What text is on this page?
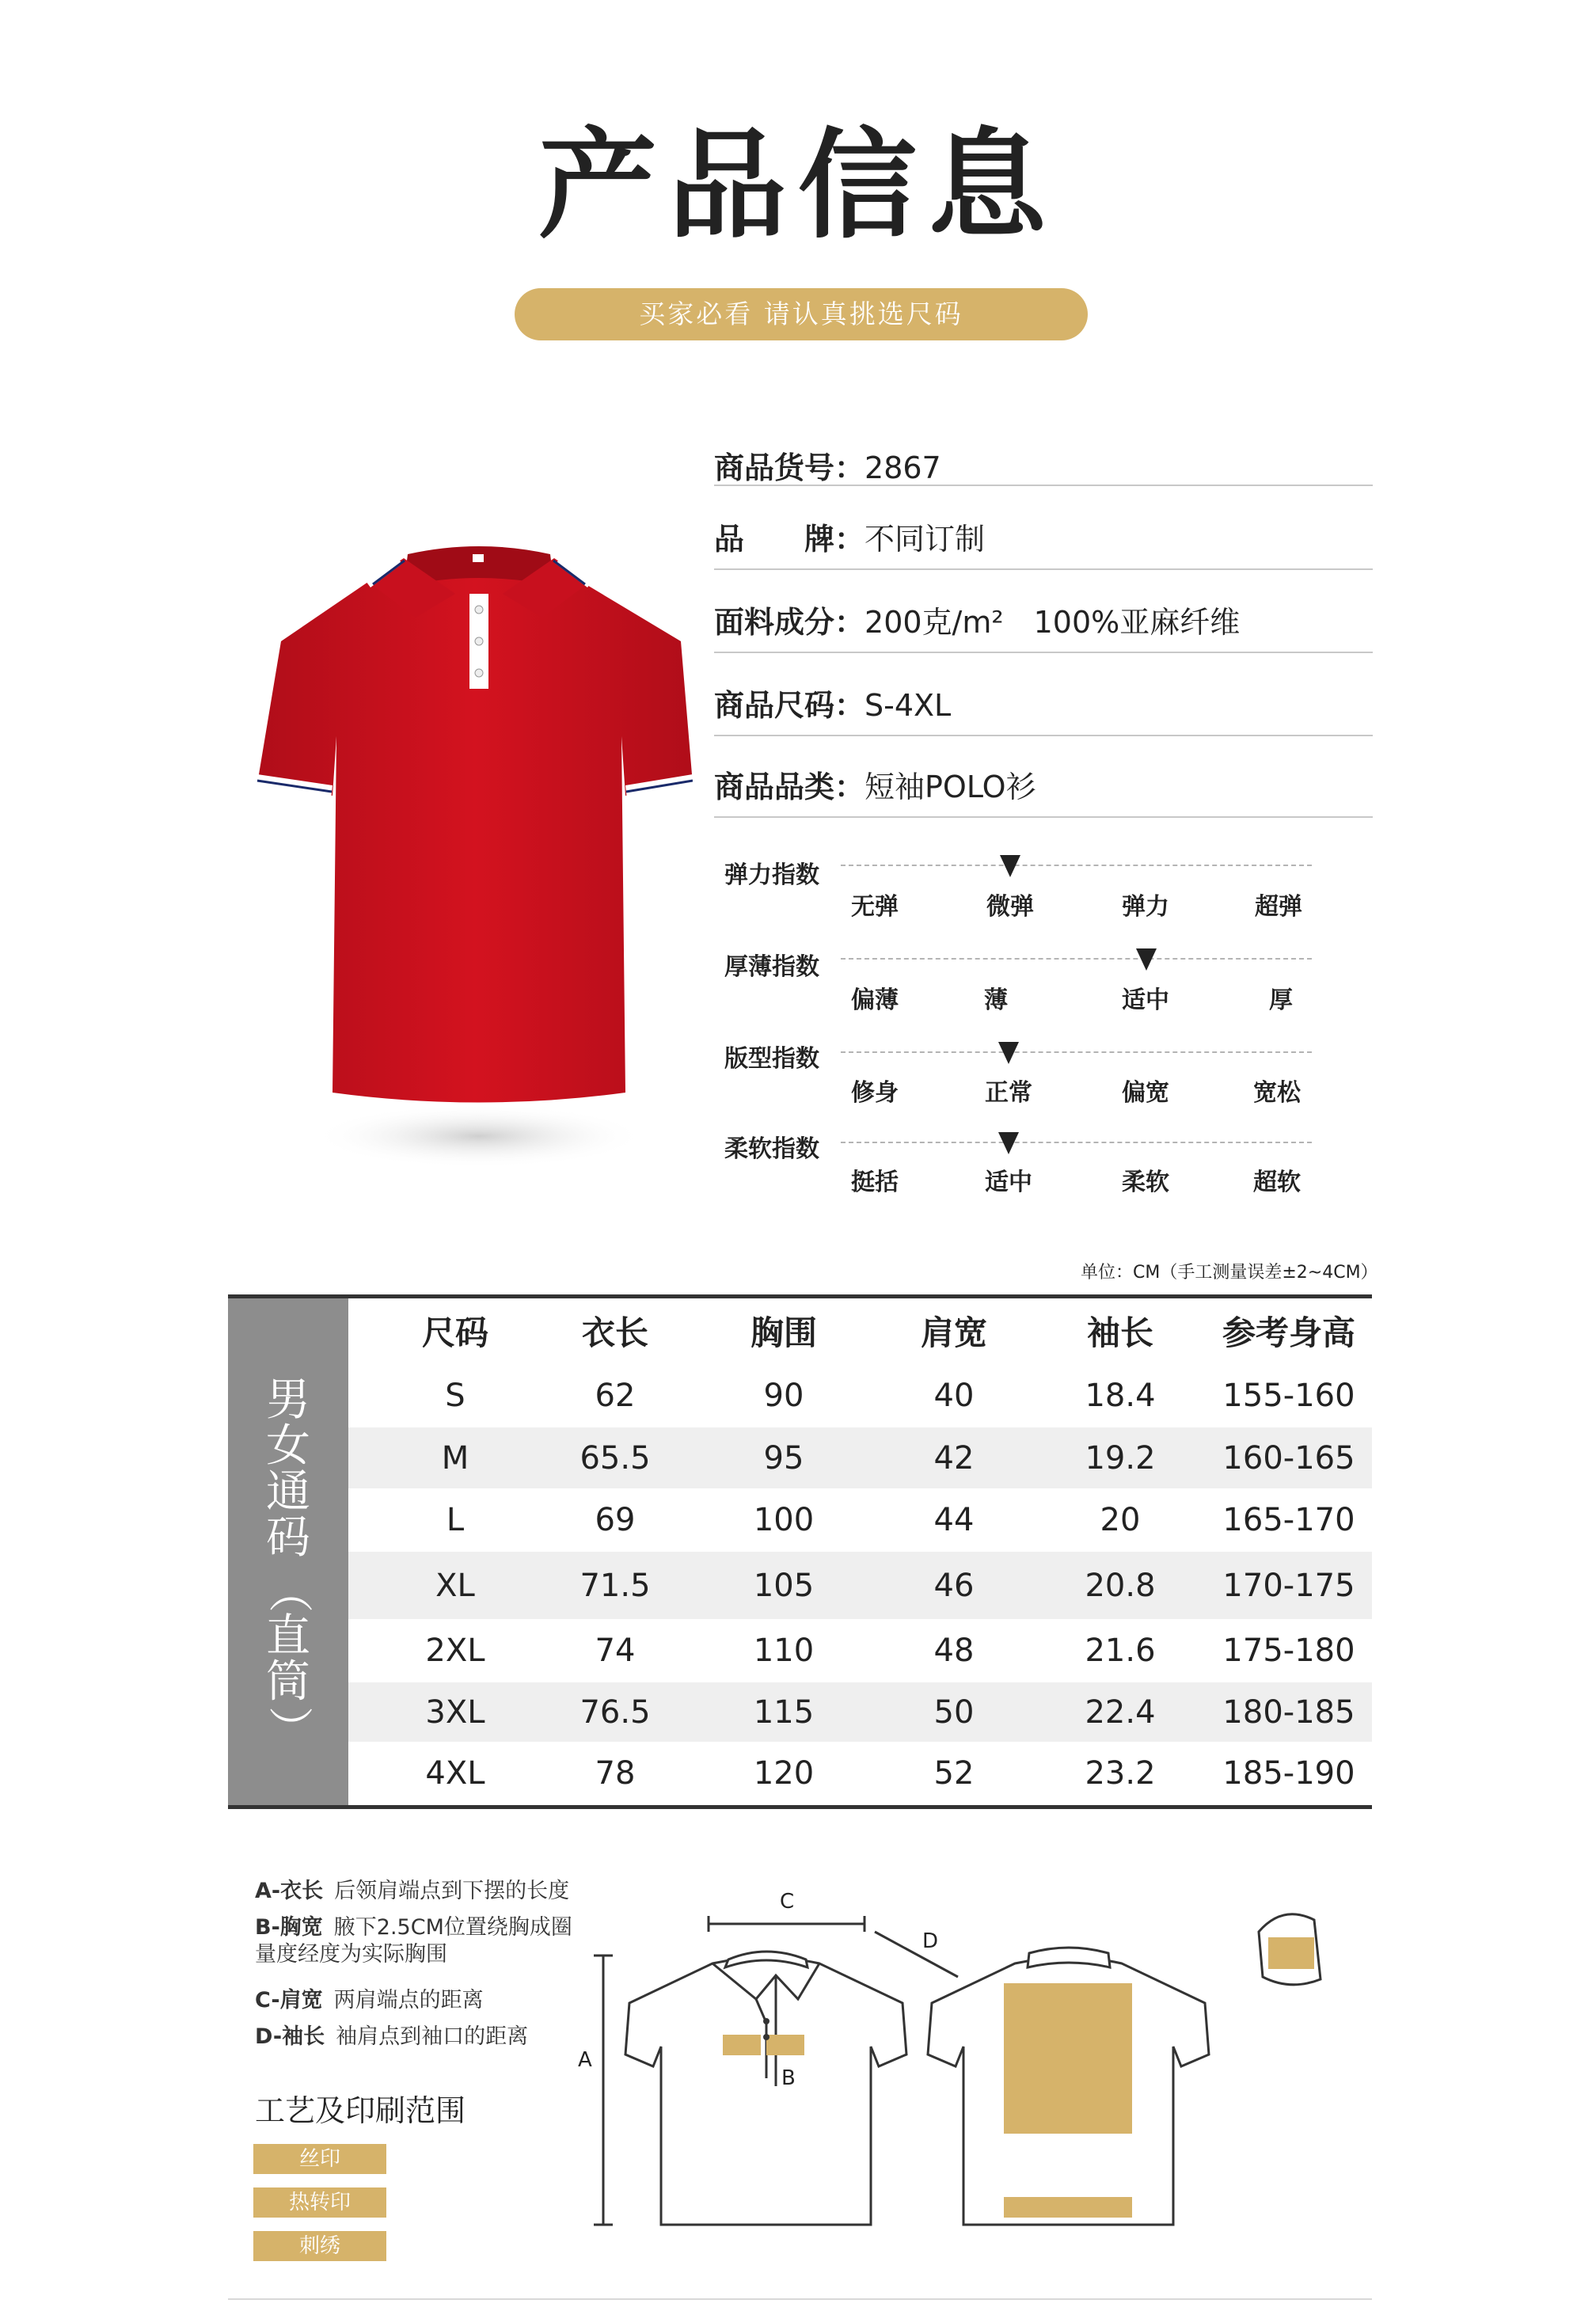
产品信息
买家必看 请认真挑选尺码
商品货号：2867
品　　牌：不同订制
面料成分：200克/m²　100%亚麻纤维
商品尺码：S-4XL
商品品类：短袖POLO衫
弹力指数
无弹	微弹	弹力	超弹
厚薄指数
偏薄	薄	适中	厚
版型指数
修身	正常	偏宽	宽松
柔软指数
挺括	适中	柔软	超软
单位：CM（手工测量误差±2~4CM）
男
女
通
码
（
直
筒
）
尺码	衣长	胸围	肩宽	袖长	参考身高
S	62	90	40	18.4	155-160
M	65.5	95	42	19.2	160-165
L	69	100	44	20	165-170
XL	71.5	105	46	20.8	170-175
2XL	74	110	48	21.6	175-180
3XL	76.5	115	50	22.4	180-185
4XL	78	120	52	23.2	185-190
A-衣长 后领肩端点到下摆的长度
B-胸宽 腋下2.5CM位置绕胸成圈量度经度为实际胸围
C-肩宽 两肩端点的距离
D-袖长 袖肩点到袖口的距离
工艺及印刷范围
丝印
热转印
刺绣
A
C
D
B
